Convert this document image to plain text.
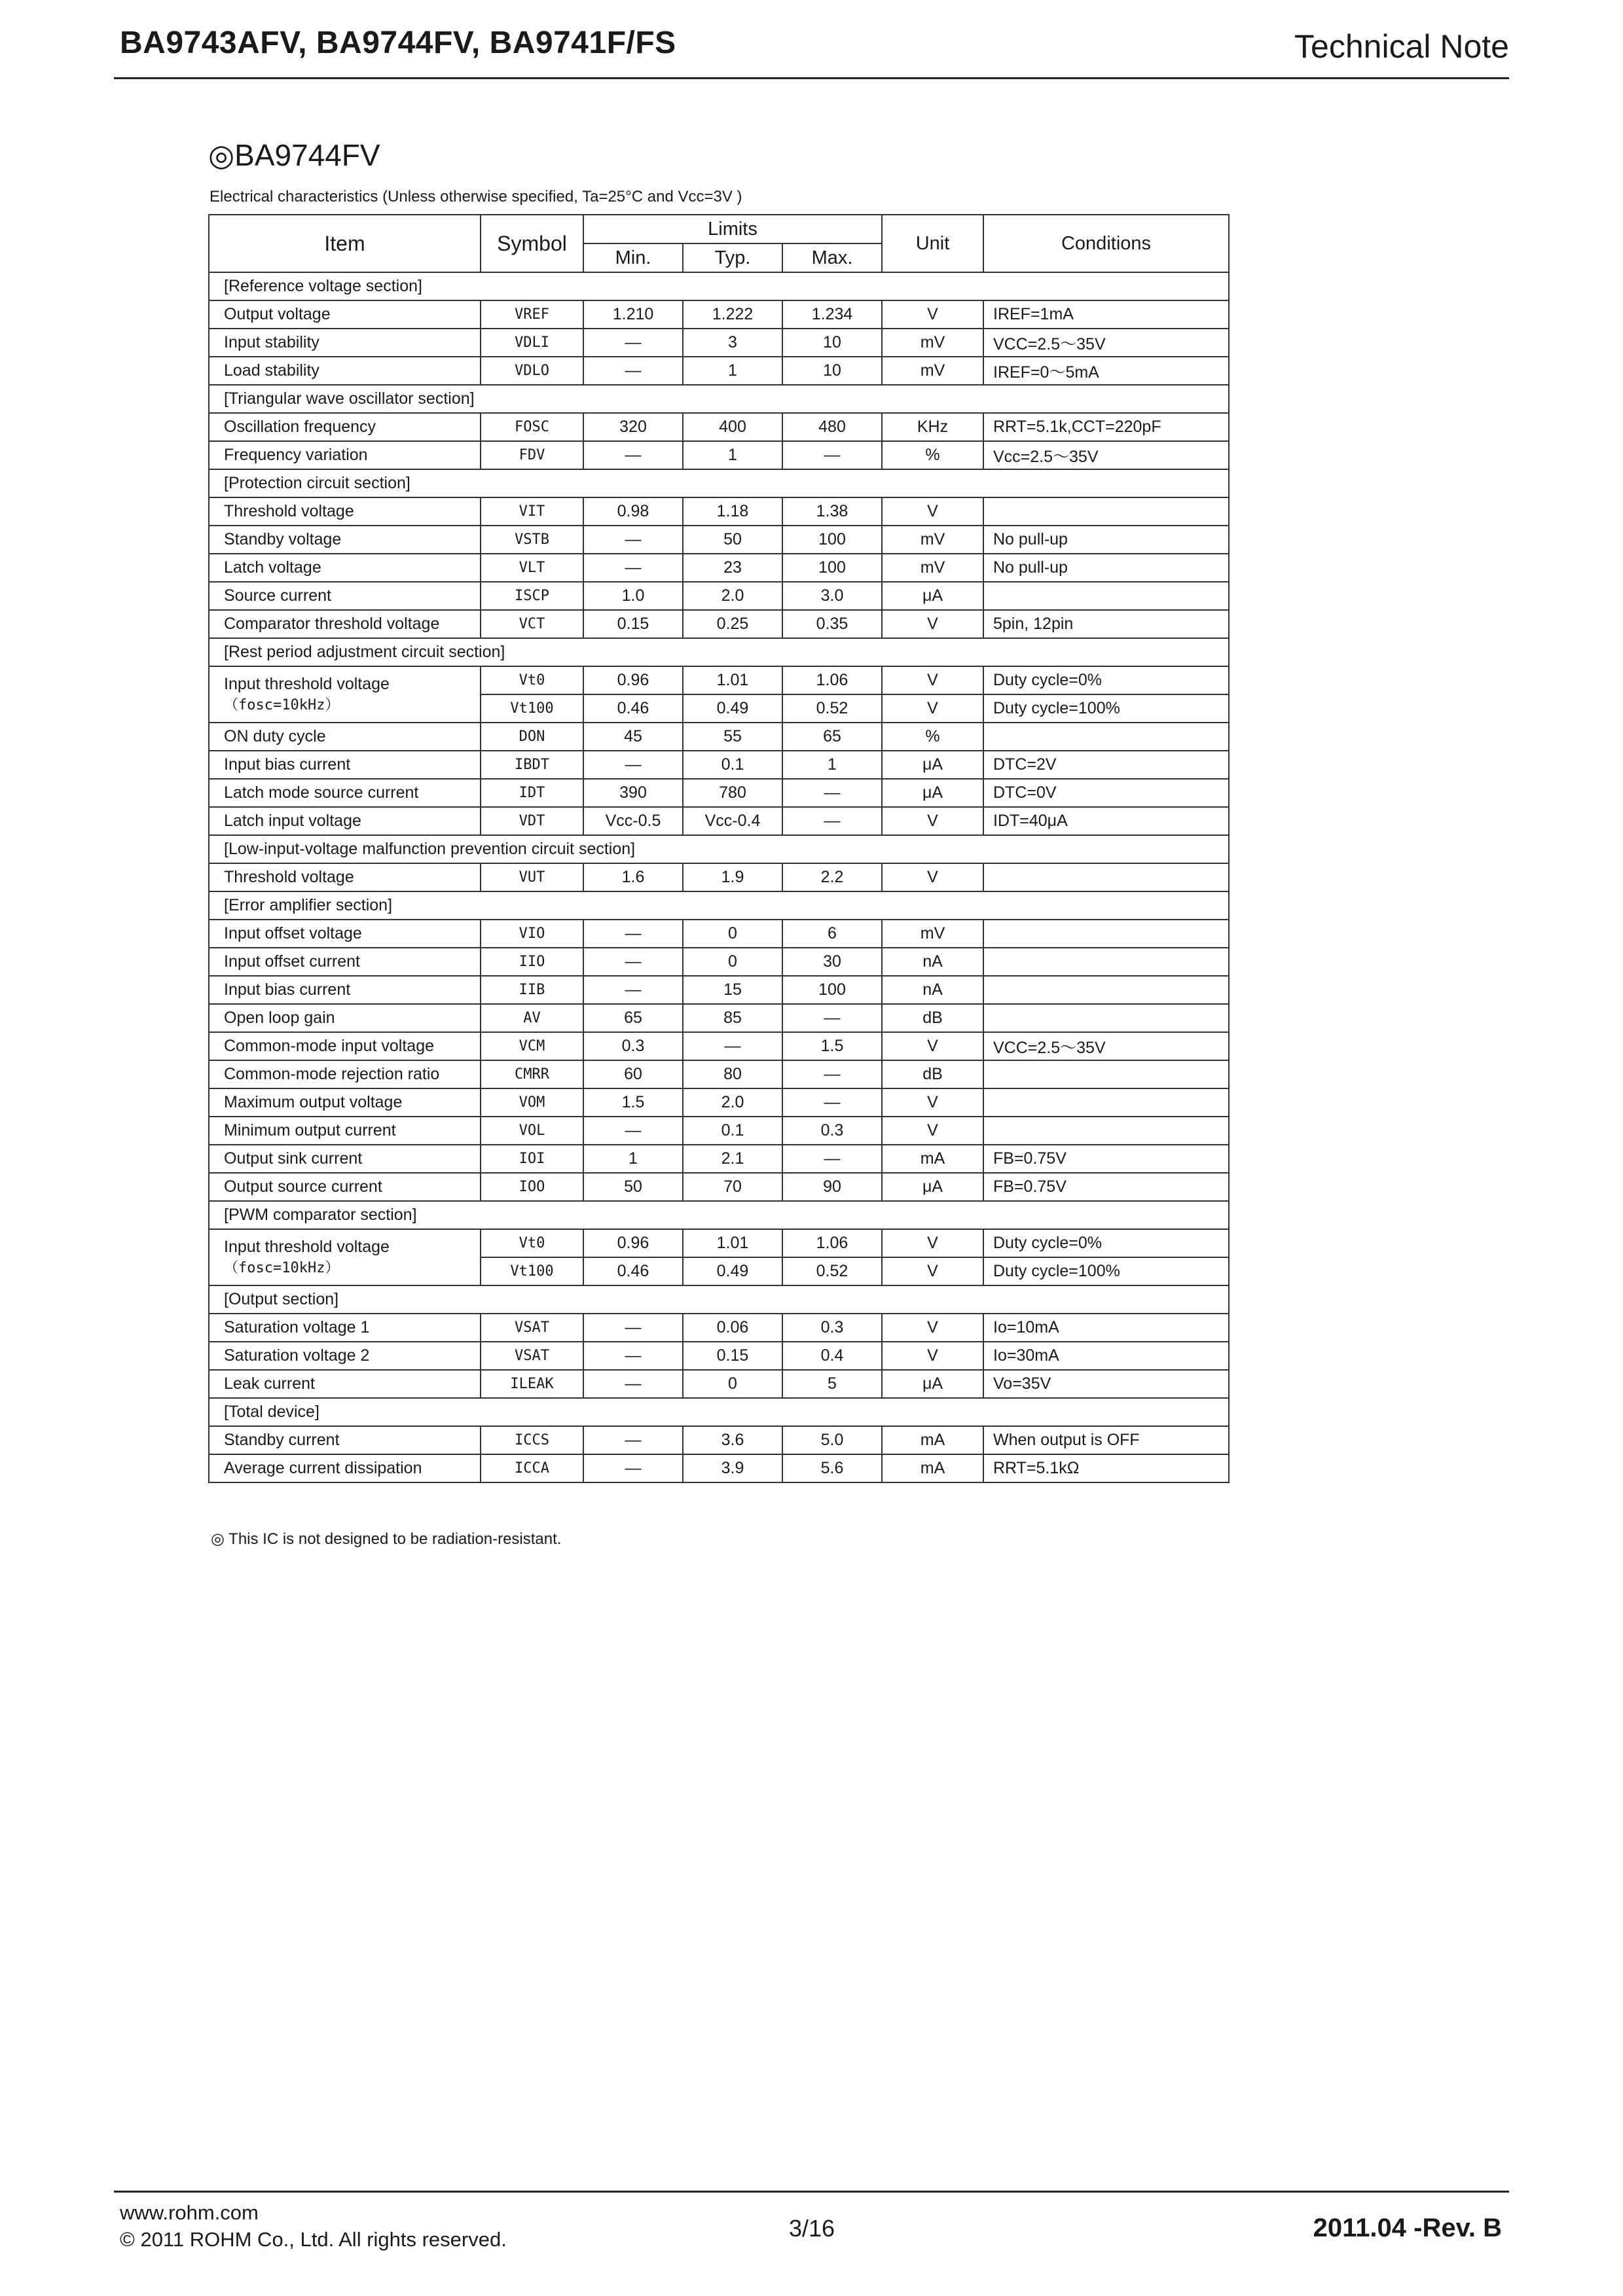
BA9743AFV, BA9744FV, BA9741F/FS	Technical Note
◎BA9744FV
Electrical characteristics (Unless otherwise specified, Ta=25°C and Vcc=3V )
Item	Symbol	Limits			Unit	Conditions
		Min.	Typ.	Max.		
[Reference voltage section]						

Output voltage	VREF	1.210	1.222	1.234	V	IREF=1mA

Input stability	VDLI	—	3	10	mV	VCC=2.5～35V

Load stability	VDLO	—	1	10	mV	IREF=0～5mA
[Triangular wave oscillator section]						

Oscillation frequency	FOSC	320	400	480	KHz	RRT=5.1k,CCT=220pF

Frequency variation	FDV	—	1	—	%	Vcc=2.5～35V
[Protection circuit section]						

Threshold voltage	VIT	0.98	1.18	1.38	V	

Standby voltage	VSTB	—	50	100	mV	No pull-up

Latch voltage	VLT	—	23	100	mV	No pull-up

Source current	ISCP	1.0	2.0	3.0	μA	

Comparator threshold voltage	VCT	0.15	0.25	0.35	V	5pin, 12pin
[Rest period adjustment circuit section]						

Input threshold voltage
（fosc=10kHz）	Vt0	0.96	1.01	1.06	V	Duty cycle=0%
	Vt100	0.46	0.49	0.52	V	Duty cycle=100%

ON duty cycle	DON	45	55	65	%	

Input bias current	IBDT	—	0.1	1	μA	DTC=2V

Latch mode source current	IDT	390	780	—	μA	DTC=0V

Latch input voltage	VDT	Vcc-0.5	Vcc-0.4	—	V	IDT=40μA
[Low-input-voltage malfunction prevention circuit section]						

Threshold voltage	VUT	1.6	1.9	2.2	V	
[Error amplifier section]						

Input offset voltage	VIO	—	0	6	mV	

Input offset current	IIO	—	0	30	nA	

Input bias current	IIB	—	15	100	nA	

Open loop gain	AV	65	85	—	dB	

Common-mode input voltage	VCM	0.3	—	1.5	V	VCC=2.5～35V

Common-mode rejection ratio	CMRR	60	80	—	dB	

Maximum output voltage	VOM	1.5	2.0	—	V	

Minimum output current	VOL	—	0.1	0.3	V	

Output sink current	IOI	1	2.1	—	mA	FB=0.75V

Output source current	IOO	50	70	90	μA	FB=0.75V
[PWM comparator section]						

Input threshold voltage
（fosc=10kHz）	Vt0	0.96	1.01	1.06	V	Duty cycle=0%
	Vt100	0.46	0.49	0.52	V	Duty cycle=100%
[Output section]						

Saturation voltage 1	VSAT	—	0.06	0.3	V	Io=10mA

Saturation voltage 2	VSAT	—	0.15	0.4	V	Io=30mA

Leak current	ILEAK	—	0	5	μA	Vo=35V
[Total device]						

Standby current	ICCS	—	3.6	5.0	mA	When output is OFF

Average current dissipation	ICCA	—	3.9	5.6	mA	RRT=5.1kΩ
◎ This IC is not designed to be radiation-resistant.
www.rohm.com
© 2011 ROHM Co., Ltd. All rights reserved.	3/16	2011.04 -Rev. B
